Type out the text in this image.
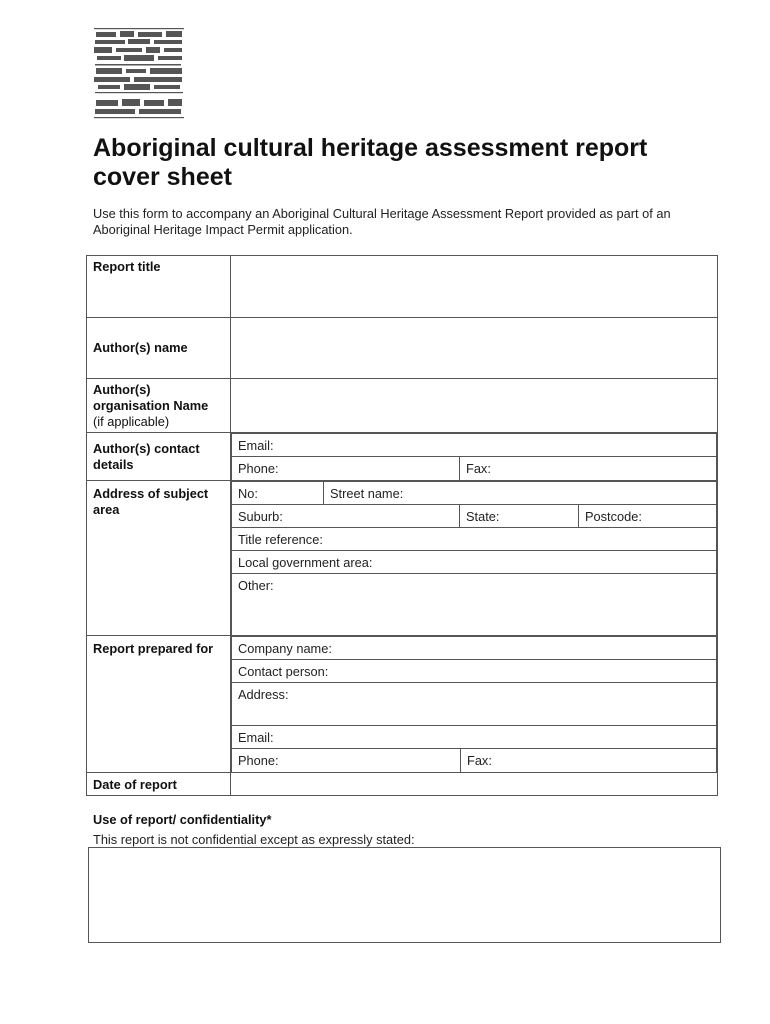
Aboriginal cultural heritage assessment report cover sheet
Use this form to accompany an Aboriginal Cultural Heritage Assessment Report provided as part of an Aboriginal Heritage Impact Permit application.
Report title	
Author(s) name	
Author(s) organisation Name
(if applicable)	
Author(s) contact details	
Email:
Phone:	Fax:

Address of subject area	
No:	Street name:
Suburb:	State:	Postcode:
Title reference:
Local government area:
Other:

Report prepared for	Company name:
Contact person:
Address:
Email:
Phone:	Fax:

Date of report	
Use of report/ confidentiality*
This report is not confidential except as expressly stated:
